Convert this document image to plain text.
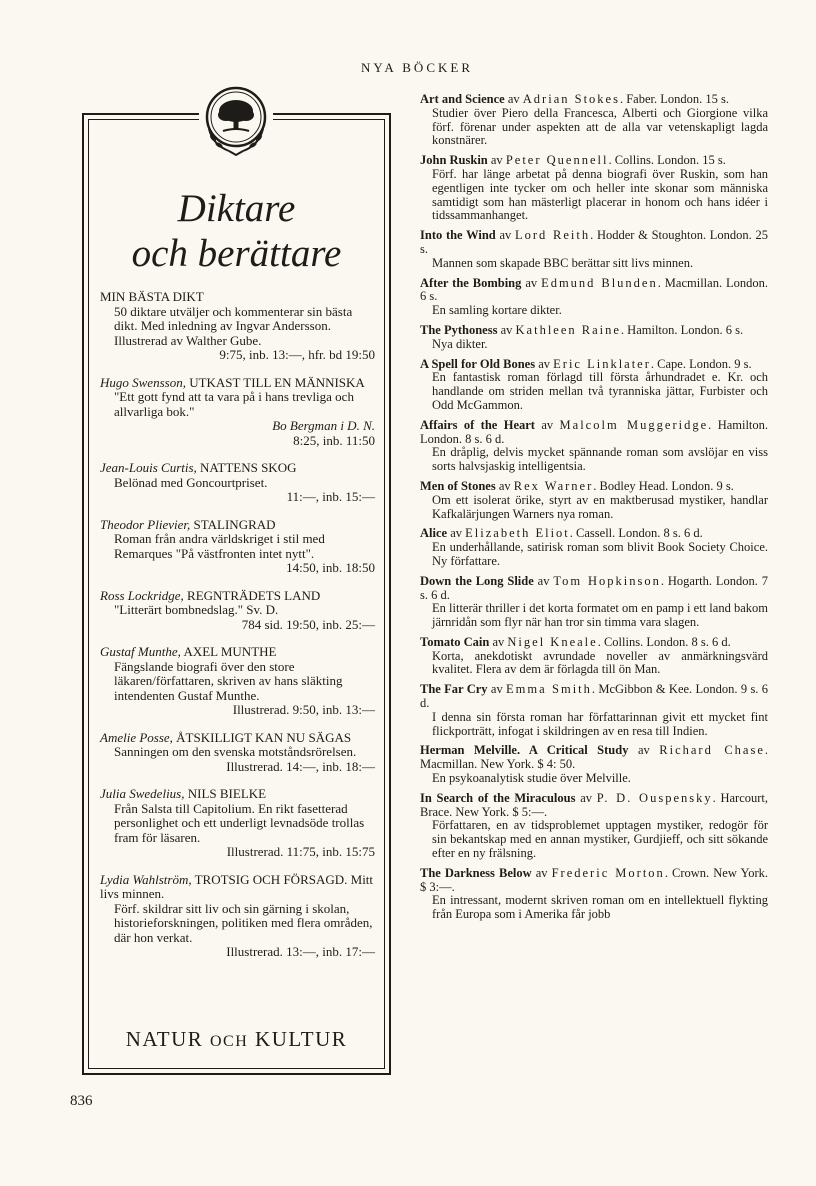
NYA BÖCKER
Diktare
och berättare
MIN BÄSTA DIKT
50 diktare utväljer och kommenterar sin bästa dikt. Med inledning av Ingvar Andersson. Illustrerad av Walther Gube.
9:75, inb. 13:—, hfr. bd 19:50
Hugo Swensson, UTKAST TILL EN MÄNNISKA
"Ett gott fynd att ta vara på i hans trevliga och allvarliga bok."
Bo Bergman i D. N.
8:25, inb. 11:50
Jean-Louis Curtis, NATTENS SKOG
Belönad med Goncourtpriset.
11:—, inb. 15:—
Theodor Plievier, STALINGRAD
Roman från andra världskriget i stil med Remarques "På västfronten intet nytt".
14:50, inb. 18:50
Ross Lockridge, REGNTRÄDETS LAND
"Litterärt bombnedslag." Sv. D.
784 sid. 19:50, inb. 25:—
Gustaf Munthe, AXEL MUNTHE
Fängslande biografi över den store läkaren/författaren, skriven av hans släkting intendenten Gustaf Munthe.
Illustrerad. 9:50, inb. 13:—
Amelie Posse, ÅTSKILLIGT KAN NU SÄGAS
Sanningen om den svenska motståndsrörelsen.
Illustrerad. 14:—, inb. 18:—
Julia Swedelius, NILS BIELKE
Från Salsta till Capitolium. En rikt fasetterad personlighet och ett underligt levnadsöde trollas fram för läsaren.
Illustrerad. 11:75, inb. 15:75
Lydia Wahlström, TROTSIG OCH FÖRSAGD. Mitt livs minnen.
Förf. skildrar sitt liv och sin gärning i skolan, historieforskningen, politiken med flera områden, där hon verkat.
Illustrerad. 13:—, inb. 17:—
NATUR OCH KULTUR
Art and Science av Adrian Stokes. Faber. London. 15 s.
Studier över Piero della Francesca, Alberti och Giorgione vilka förf. förenar under aspekten att de alla var vetenskapligt lagda konstnärer.
John Ruskin av Peter Quennell. Collins. London. 15 s.
Förf. har länge arbetat på denna biografi över Ruskin, som han egentligen inte tycker om och heller inte skonar som människa samtidigt som han mästerligt placerar in honom och hans idéer i tidssammanhanget.
Into the Wind av Lord Reith. Hodder & Stoughton. London. 25 s.
Mannen som skapade BBC berättar sitt livs minnen.
After the Bombing av Edmund Blunden. Macmillan. London. 6 s.
En samling kortare dikter.
The Pythoness av Kathleen Raine. Hamilton. London. 6 s.
Nya dikter.
A Spell for Old Bones av Eric Linklater. Cape. London. 9 s.
En fantastisk roman förlagd till första århundradet e. Kr. och handlande om striden mellan två tyranniska jättar, Furbister och Odd McGammon.
Affairs of the Heart av Malcolm Muggeridge. Hamilton. London. 8 s. 6 d.
En dråplig, delvis mycket spännande roman som avslöjar en viss sorts halvsjaskig intelligentsia.
Men of Stones av Rex Warner. Bodley Head. London. 9 s.
Om ett isolerat örike, styrt av en maktberusad mystiker, handlar Kafkalärjungen Warners nya roman.
Alice av Elizabeth Eliot. Cassell. London. 8 s. 6 d.
En underhållande, satirisk roman som blivit Book Society Choice. Ny författare.
Down the Long Slide av Tom Hopkinson. Hogarth. London. 7 s. 6 d.
En litterär thriller i det korta formatet om en pamp i ett land bakom järnridån som flyr när han tror sin timma vara slagen.
Tomato Cain av Nigel Kneale. Collins. London. 8 s. 6 d.
Korta, anekdotiskt avrundade noveller av anmärkningsvärd kvalitet. Flera av dem är förlagda till ön Man.
The Far Cry av Emma Smith. McGibbon & Kee. London. 9 s. 6 d.
I denna sin första roman har författarinnan givit ett mycket fint flickporträtt, infogat i skildringen av en resa till Indien.
Herman Melville. A Critical Study av Richard Chase. Macmillan. New York. $ 4: 50.
En psykoanalytisk studie över Melville.
In Search of the Miraculous av P. D. Ouspensky. Harcourt, Brace. New York. $ 5:—.
Författaren, en av tidsproblemet upptagen mystiker, redogör för sin bekantskap med en annan mystiker, Gurdjieff, och sitt sökande efter en ny frälsning.
The Darkness Below av Frederic Morton. Crown. New York. $ 3:—.
En intressant, modernt skriven roman om en intellektuell flykting från Europa som i Amerika får jobb
836
